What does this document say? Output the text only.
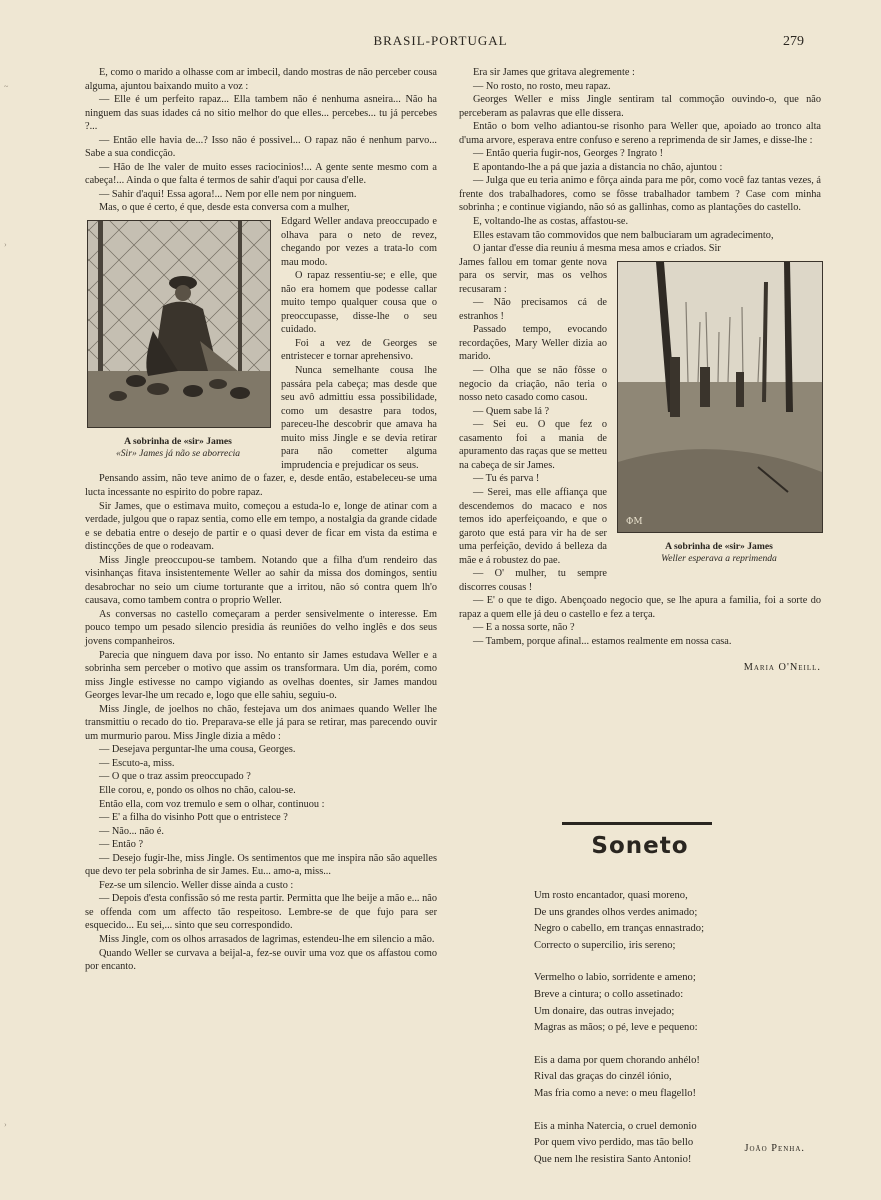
BRASIL-PORTUGAL	279

E, como o marido a olhasse com ar imbecil, dando mostras de não perceber cousa alguma, ajuntou baixando muito a voz :

— Elle é um perfeito rapaz... Ella tambem não é nenhuma asneira... Não ha ninguem das suas idades cá no sitio melhor do que elles... percebes... tu já percebes ?...

— Então elle havia de...? Isso não é possivel... O rapaz não é nenhum parvo... Sabe a sua condicção.

— Hão de lhe valer de muito esses raciocinios!... A gente sente mesmo com a cabeça!... Ainda o que falta é termos de sahir d'aqui por causa d'elle.

— Sahir d'aqui! Essa agora!... Nem por elle nem por ninguem.

Mas, o que é certo, é que, desde esta conversa com a mulher,

A sobrinha de «sir» James
«Sir» James já não se aborrecia

Edgard Weller andava preoccupado e olhava para o neto de revez, chegando por vezes a trata-lo com mau modo.

O rapaz ressentiu-se; e elle, que não era homem que podesse callar muito tempo qualquer cousa que o preoccupasse, disse-lhe o seu cuidado.

Foi a vez de Georges se entristecer e tornar aprehensivo.

Nunca semelhante cousa lhe passára pela cabeça; mas desde que seu avô admittiu essa possibilidade, como um desastre para todos, pareceu-lhe descobrir que amava ha muito miss Jingle e se devia retirar para não cometter alguma imprudencia e prejudicar os seus.

Pensando assim, não teve animo de o fazer, e, desde então, estabeleceu-se uma lucta incessante no espirito do pobre rapaz.

Sir James, que o estimava muito, começou a estuda-lo e, longe de atinar com a verdade, julgou que o rapaz sentia, como elle em tempo, a nostalgia da grande cidade e se debatia entre o desejo de partir e o quasi dever de ficar em vista da estima e distincções de que o rodeavam.

Miss Jingle preoccupou-se tambem. Notando que a filha d'um rendeiro das visinhanças fitava insistentemente Weller ao sahir da missa dos domingos, sentiu desabrochar no seio um ciume torturante que a irritou, não só contra quem lh'o causava, como tambem contra o proprio Weller.

As conversas no castello começaram a perder sensivelmente o interesse. Em pouco tempo um pesado silencio presidia ás reuniões do velho inglês e dos seus jovens companheiros.

Parecia que ninguem dava por isso. No entanto sir James estudava Weller e a sobrinha sem perceber o motivo que assim os transformara. Um dia, porém, como miss Jingle estivesse no campo vigiando as ovelhas doentes, sir James mandou Georges levar-lhe um recado e, logo que elle sahiu, seguiu-o.

Miss Jingle, de joelhos no chão, festejava um dos animaes quando Weller lhe transmittiu o recado do tio. Preparava-se elle já para se retirar, mas parecendo ouvir um murmurio parou. Miss Jingle dizia a mêdo :

— Desejava perguntar-lhe uma cousa, Georges.

— Escuto-a, miss.

— O que o traz assim preoccupado ?

Elle corou, e, pondo os olhos no chão, calou-se.

Então ella, com voz tremulo e sem o olhar, continuou :

— E' a filha do visinho Pott que o entristece ?

— Não... não é.

— Então ?

— Desejo fugir-lhe, miss Jingle. Os sentimentos que me inspira não são aquelles que devo ter pela sobrinha de sir James. Eu... amo-a, miss...

Fez-se um silencio. Weller disse ainda a custo :

— Depois d'esta confissão só me resta partir. Permitta que lhe beije a mão e... não se offenda com um affecto tão respeitoso. Lembre-se de que fujo para ser esquecido... Eu sei,... sinto que seu correspondido.

Miss Jingle, com os olhos arrasados de lagrimas, estendeu-lhe em silencio a mão.

Quando Weller se curvava a beijal-a, fez-se ouvir uma voz que os affastou como por encanto.

Era sir James que gritava alegremente :

— No rosto, no rosto, meu rapaz.

Georges Weller e miss Jingle sentiram tal commoção ouvindo-o, que não perceberam as palavras que elle dissera.

Então o bom velho adiantou-se risonho para Weller que, apoiado ao tronco alta d'uma arvore, esperava entre confuso e sereno a reprimenda de sir James, e disse-lhe :

— Então queria fugir-nos, Georges ? Ingrato !

E apontando-lhe a pá que jazia a distancia no chão, ajuntou :

— Julga que eu teria animo e fôrça ainda para me pôr, como você faz tantas vezes, á frente dos trabalhadores, como se fôsse trabalhador tambem ? Case com minha sobrinha ; e continue vigiando, não só as gallinhas, como as plantações do castello.

E, voltando-lhe as costas, affastou-se.

Elles estavam tão commovidos que nem balbuciaram um agradecimento,

O jantar d'esse dia reuniu á mesma mesa amos e criados. Sir

ΦΜ
A sobrinha de «sir» James
Weller esperava a reprimenda

James fallou em tomar gente nova para os servir, mas os velhos recusaram :

— Não precisamos cá de estranhos !

Passado tempo, evocando recordações, Mary Weller dizia ao marido.

— Olha que se não fôsse o negocio da criação, não teria o nosso neto casado como casou.

— Quem sabe lá ?

— Sei eu. O que fez o casamento foi a mania de apuramento das raças que se metteu na cabeça de sir James.

— Tu és parva !

— Serei, mas elle affiança que descendemos do macaco e nos temos ido aperfeiçoando, e que o garoto que está para vir ha de ser uma perfeição, devido á belleza da mãe e á robustez do pae.

— O' mulher, tu sempre discorres cousas !

— E' o que te digo. Abençoado negocio que, se lhe apura a familia, foi a sorte do rapaz a quem elle já deu o castello e fez a terça.

— E a nossa sorte, não ?

— Tambem, porque afinal... estamos realmente em nossa casa.

Maria O'Neill.

Soneto
Um rosto encantador, quasi moreno,
De uns grandes olhos verdes animado;
Negro o cabello, em tranças ennastrado;
Correcto o supercilio, iris sereno;
Vermelho o labio, sorridente e ameno;
Breve a cintura; o collo assetinado:
Um donaire, das outras invejado;
Magras as mãos; o pé, leve e pequeno:
Eis a dama por quem chorando anhélo!
Rival das graças do cinzél iónio,
Mas fria como a neve: o meu flagello!
Eis a minha Natercia, o cruel demonio
Por quem vivo perdido, mas tão bello
Que nem lhe resistira Santo Antonio!
João Penha.
~
›
›
